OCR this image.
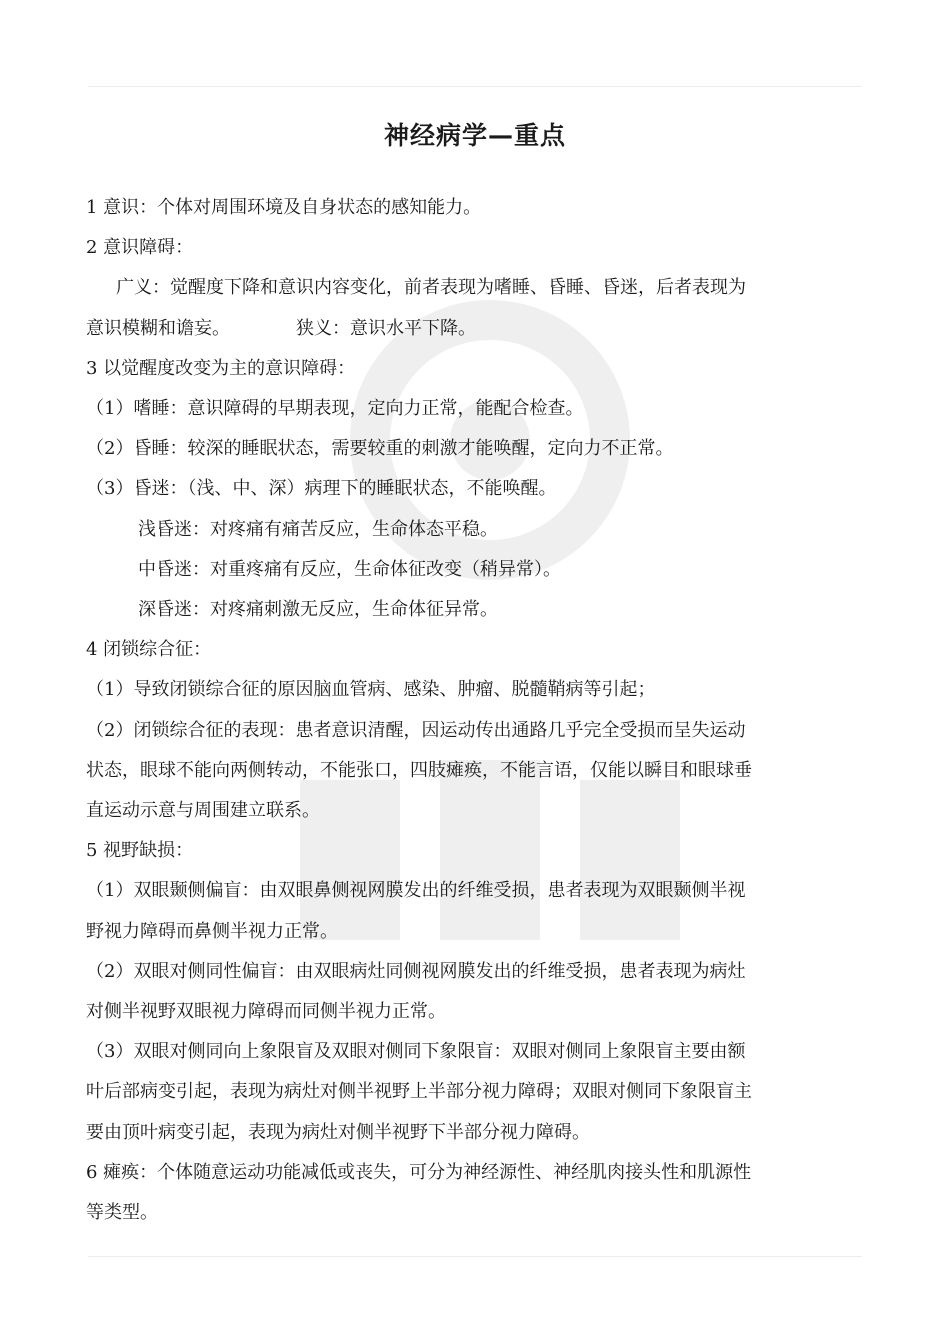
神经病学—重点
1 意识：个体对周围环境及自身状态的感知能力。
2 意识障碍：
广义：觉醒度下降和意识内容变化，前者表现为嗜睡、昏睡、昏迷，后者表现为
意识模糊和谵妄。	狭义：意识水平下降。
3 以觉醒度改变为主的意识障碍：
（1）嗜睡：意识障碍的早期表现，定向力正常，能配合检查。
（2）昏睡：较深的睡眠状态，需要较重的刺激才能唤醒，定向力不正常。
（3）昏迷：（浅、中、深）病理下的睡眠状态，不能唤醒。
浅昏迷：对疼痛有痛苦反应，生命体态平稳。
中昏迷：对重疼痛有反应，生命体征改变（稍异常）。
深昏迷：对疼痛刺激无反应，生命体征异常。
4 闭锁综合征：
（1）导致闭锁综合征的原因脑血管病、感染、肿瘤、脱髓鞘病等引起；
（2）闭锁综合征的表现：患者意识清醒，因运动传出通路几乎完全受损而呈失运动
状态，眼球不能向两侧转动，不能张口，四肢瘫痪，不能言语，仅能以瞬目和眼球垂
直运动示意与周围建立联系。
5 视野缺损：
（1）双眼颞侧偏盲：由双眼鼻侧视网膜发出的纤维受损，患者表现为双眼颞侧半视
野视力障碍而鼻侧半视力正常。
（2）双眼对侧同性偏盲：由双眼病灶同侧视网膜发出的纤维受损，患者表现为病灶
对侧半视野双眼视力障碍而同侧半视力正常。
（3）双眼对侧同向上象限盲及双眼对侧同下象限盲：双眼对侧同上象限盲主要由额
叶后部病变引起，表现为病灶对侧半视野上半部分视力障碍；双眼对侧同下象限盲主
要由顶叶病变引起，表现为病灶对侧半视野下半部分视力障碍。
6 瘫痪：个体随意运动功能减低或丧失，可分为神经源性、神经肌肉接头性和肌源性
等类型。
